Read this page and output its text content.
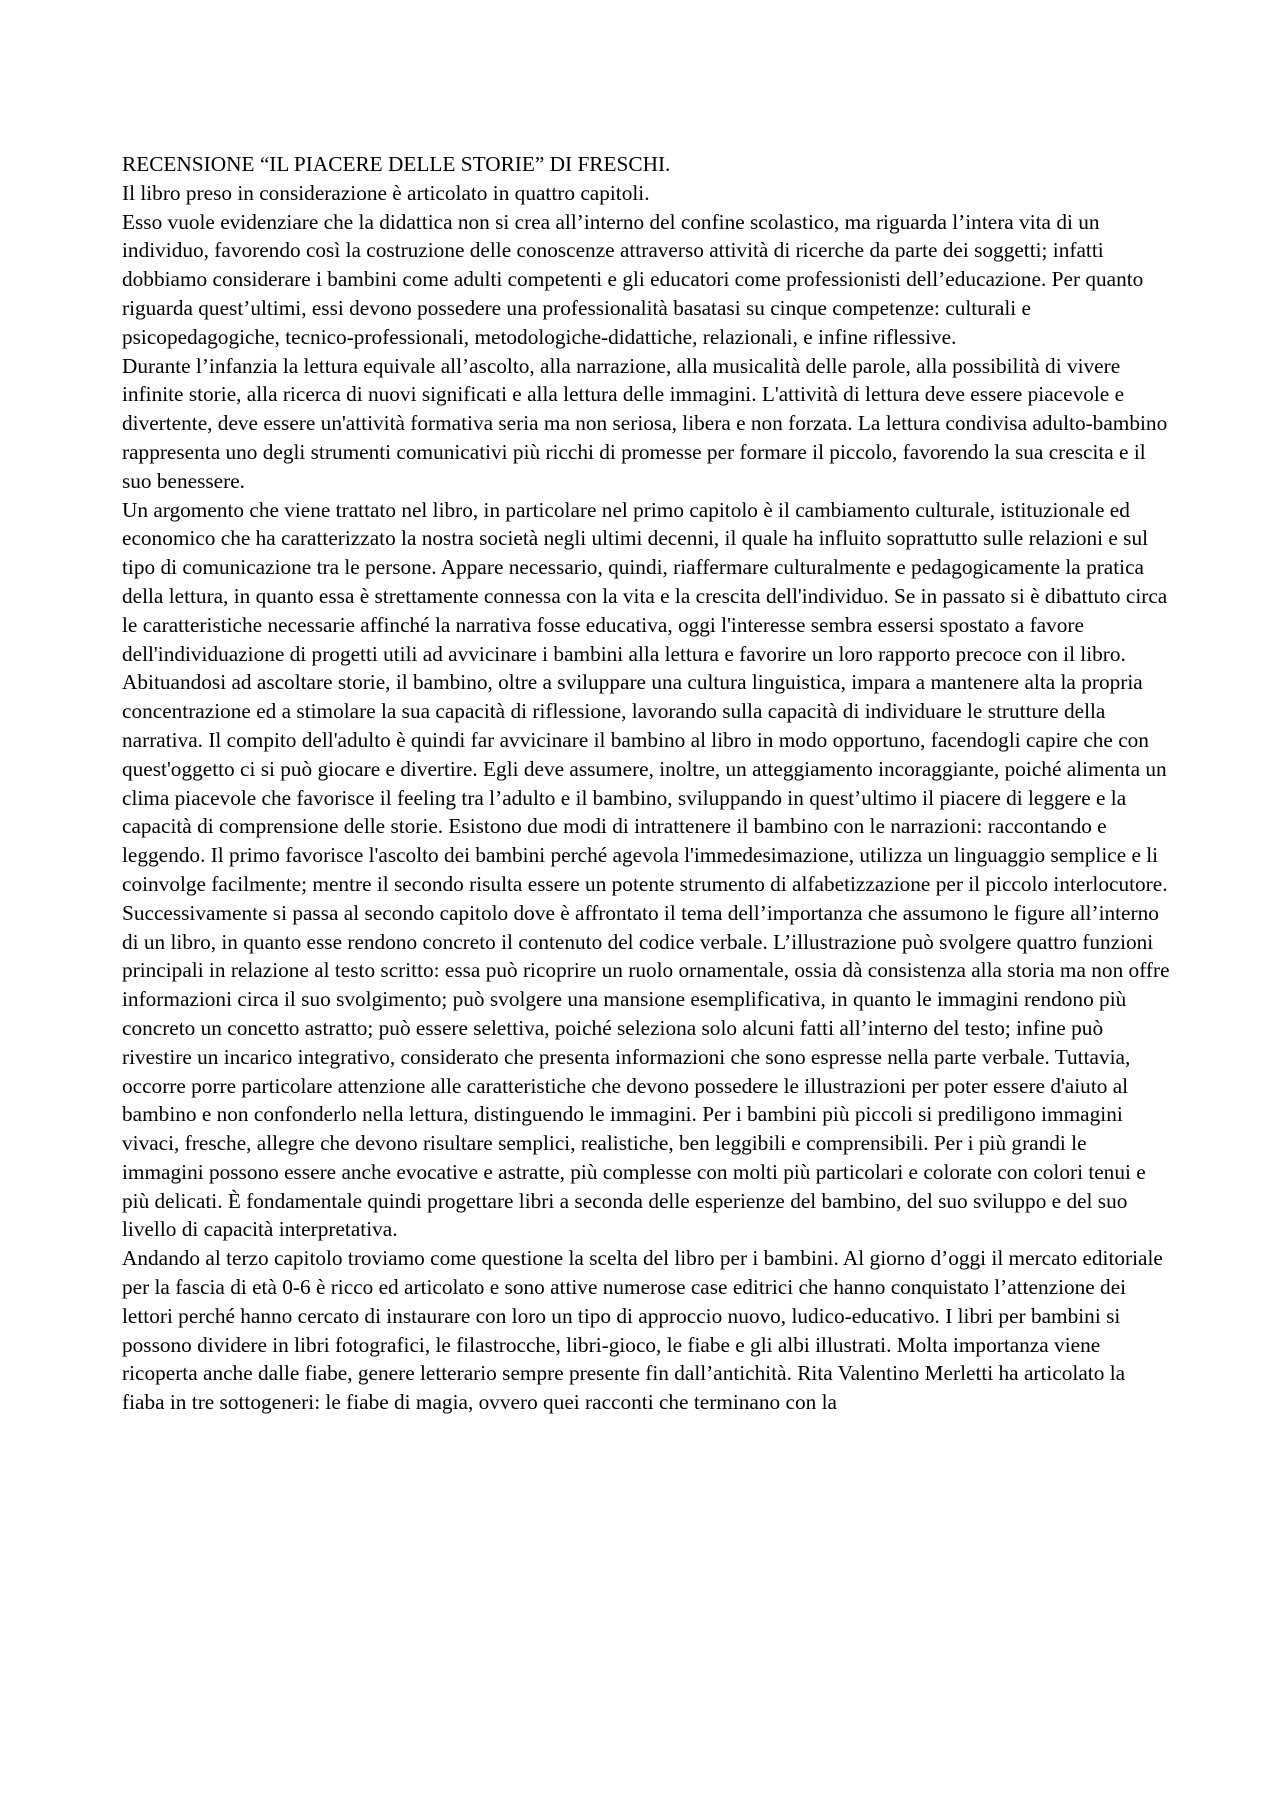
RECENSIONE “IL PIACERE DELLE STORIE” DI FRESCHI.

Il libro preso in considerazione è articolato in quattro capitoli.

Esso vuole evidenziare che la didattica non si crea all’interno del confine scolastico, ma riguarda l’intera vita di un individuo, favorendo così la costruzione delle conoscenze attraverso attività di ricerche da parte dei soggetti; infatti dobbiamo considerare i bambini come adulti competenti e gli educatori come professionisti dell’educazione. Per quanto riguarda quest’ultimi, essi devono possedere una professionalità basatasi su cinque competenze: culturali e psicopedagogiche, tecnico-professionali, metodologiche-didattiche, relazionali, e infine riflessive.

Durante l’infanzia la lettura equivale all’ascolto, alla narrazione, alla musicalità delle parole, alla possibilità di vivere infinite storie, alla ricerca di nuovi significati e alla lettura delle immagini. L'attività di lettura deve essere piacevole e divertente, deve essere un'attività formativa seria ma non seriosa, libera e non forzata. La lettura condivisa adulto-bambino rappresenta uno degli strumenti comunicativi più ricchi di promesse per formare il piccolo, favorendo la sua crescita e il suo benessere.

Un argomento che viene trattato nel libro, in particolare nel primo capitolo è il cambiamento culturale, istituzionale ed economico che ha caratterizzato la nostra società negli ultimi decenni, il quale ha influito soprattutto sulle relazioni e sul tipo di comunicazione tra le persone. Appare necessario, quindi, riaffermare culturalmente e pedagogicamente la pratica della lettura, in quanto essa è strettamente connessa con la vita e la crescita dell'individuo. Se in passato si è dibattuto circa le caratteristiche necessarie affinché la narrativa fosse educativa, oggi l'interesse sembra essersi spostato a favore dell'individuazione di progetti utili ad avvicinare i bambini alla lettura e favorire un loro rapporto precoce con il libro. Abituandosi ad ascoltare storie, il bambino, oltre a sviluppare una cultura linguistica, impara a mantenere alta la propria concentrazione ed a stimolare la sua capacità di riflessione, lavorando sulla capacità di individuare le strutture della narrativa. Il compito dell'adulto è quindi far avvicinare il bambino al libro in modo opportuno, facendogli capire che con quest'oggetto ci si può giocare e divertire. Egli deve assumere, inoltre, un atteggiamento incoraggiante, poiché alimenta un clima piacevole che favorisce il feeling tra l’adulto e il bambino, sviluppando in quest’ultimo il piacere di leggere e la capacità di comprensione delle storie. Esistono due modi di intrattenere il bambino con le narrazioni: raccontando e leggendo. Il primo favorisce l'ascolto dei bambini perché agevola l'immedesimazione, utilizza un linguaggio semplice e li coinvolge facilmente; mentre il secondo risulta essere un potente strumento di alfabetizzazione per il piccolo interlocutore.

Successivamente si passa al secondo capitolo dove è affrontato il tema dell’importanza che assumono le figure all’interno di un libro, in quanto esse rendono concreto il contenuto del codice verbale. L’illustrazione può svolgere quattro funzioni principali in relazione al testo scritto: essa può ricoprire un ruolo ornamentale, ossia dà consistenza alla storia ma non offre informazioni circa il suo svolgimento; può svolgere una mansione esemplificativa, in quanto le immagini rendono più concreto un concetto astratto; può essere selettiva, poiché seleziona solo alcuni fatti all’interno del testo; infine può rivestire un incarico integrativo, considerato che presenta informazioni che sono espresse nella parte verbale. Tuttavia, occorre porre particolare attenzione alle caratteristiche che devono possedere le illustrazioni per poter essere d'aiuto al bambino e non confonderlo nella lettura, distinguendo le immagini. Per i bambini più piccoli si prediligono immagini vivaci, fresche, allegre che devono risultare semplici, realistiche, ben leggibili e comprensibili. Per i più grandi le immagini possono essere anche evocative e astratte, più complesse con molti più particolari e colorate con colori tenui e più delicati. È fondamentale quindi progettare libri a seconda delle esperienze del bambino, del suo sviluppo e del suo livello di capacità interpretativa.

Andando al terzo capitolo troviamo come questione la scelta del libro per i bambini. Al giorno d’oggi il mercato editoriale per la fascia di età 0-6 è ricco ed articolato e sono attive numerose case editrici che hanno conquistato l’attenzione dei lettori perché hanno cercato di instaurare con loro un tipo di approccio nuovo, ludico-educativo. I libri per bambini si possono dividere in libri fotografici, le filastrocche, libri-gioco, le fiabe e gli albi illustrati. Molta importanza viene ricoperta anche dalle fiabe, genere letterario sempre presente fin dall’antichità. Rita Valentino Merletti ha articolato la fiaba in tre sottogeneri: le fiabe di magia, ovvero quei racconti che terminano con la
